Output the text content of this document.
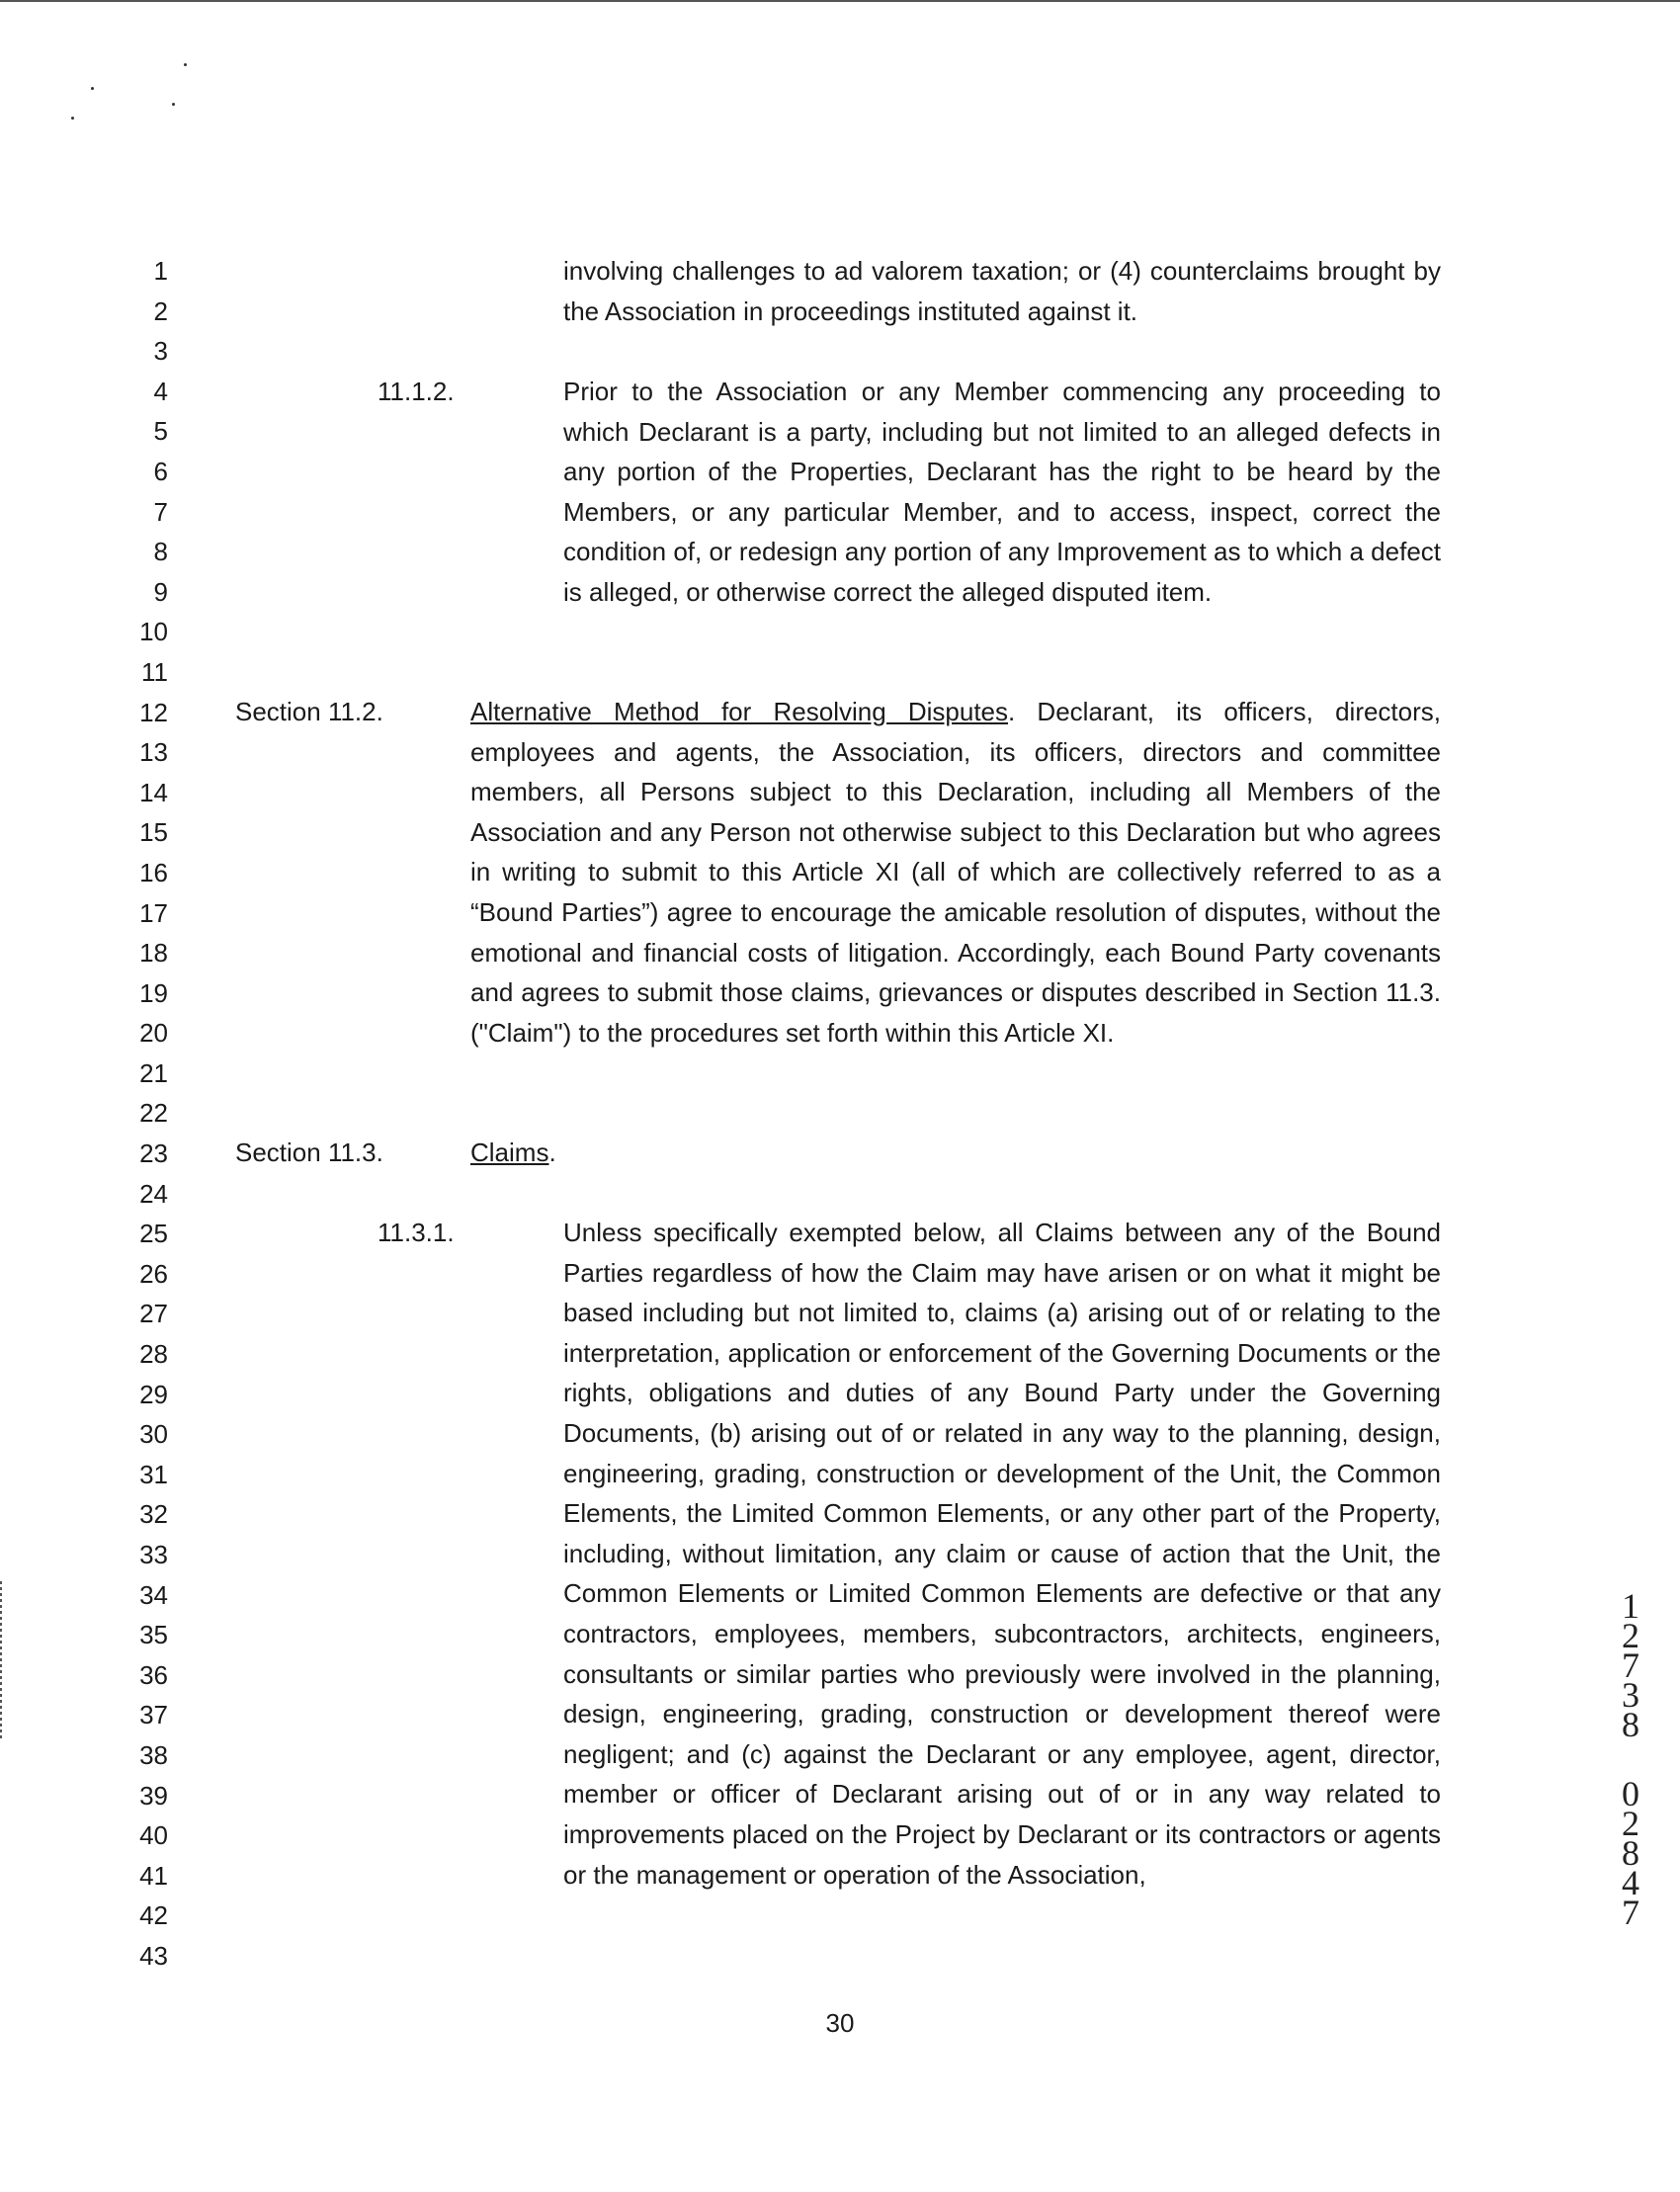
1
2
3
4
5
6
7
8
9
10
11
12
13
14
15
16
17
18
19
20
21
22
23
24
25
26
27
28
29
30
31
32
33
34
35
36
37
38
39
40
41
42
43

involving challenges to ad valorem taxation; or (4) counterclaims brought by the Association in proceedings instituted against it.

11.1.2.	Prior to the Association or any Member commencing any proceeding to which Declarant is a party, including but not limited to an alleged defects in any portion of the Properties, Declarant has the right to be heard by the Members, or any particular Member, and to access, inspect, correct the condition of, or redesign any portion of any Improvement as to which a defect is alleged, or otherwise correct the alleged disputed item.

Section 11.2.	Alternative Method for Resolving Disputes. Declarant, its officers, directors, employees and agents, the Association, its officers, directors and committee members, all Persons subject to this Declaration, including all Members of the Association and any Person not otherwise subject to this Declaration but who agrees in writing to submit to this Article XI (all of which are collectively referred to as a “Bound Parties”) agree to encourage the amicable resolution of disputes, without the emotional and financial costs of litigation. Accordingly, each Bound Party covenants and agrees to submit those claims, grievances or disputes described in Section 11.3. ("Claim") to the procedures set forth within this Article XI.

Section 11.3.	Claims.
11.3.1.	Unless specifically exempted below, all Claims between any of the Bound Parties regardless of how the Claim may have arisen or on what it might be based including but not limited to, claims (a) arising out of or relating to the interpretation, application or enforcement of the Governing Documents or the rights, obligations and duties of any Bound Party under the Governing Documents, (b) arising out of or related in any way to the planning, design, engineering, grading, construction or development of the Unit, the Common Elements, the Limited Common Elements, or any other part of the Property, including, without limitation, any claim or cause of action that the Unit, the Common Elements or Limited Common Elements are defective or that any contractors, employees, members, subcontractors, architects, engineers, consultants or similar parties who previously were involved in the planning, design, engineering, grading, construction or development thereof were negligent; and (c) against the Declarant or any employee, agent, director, member or officer of Declarant arising out of or in any way related to improvements placed on the Project by Declarant or its contractors or agents or the management or operation of the Association,

30
1
2
7
3
8
0
2
8
4
7
